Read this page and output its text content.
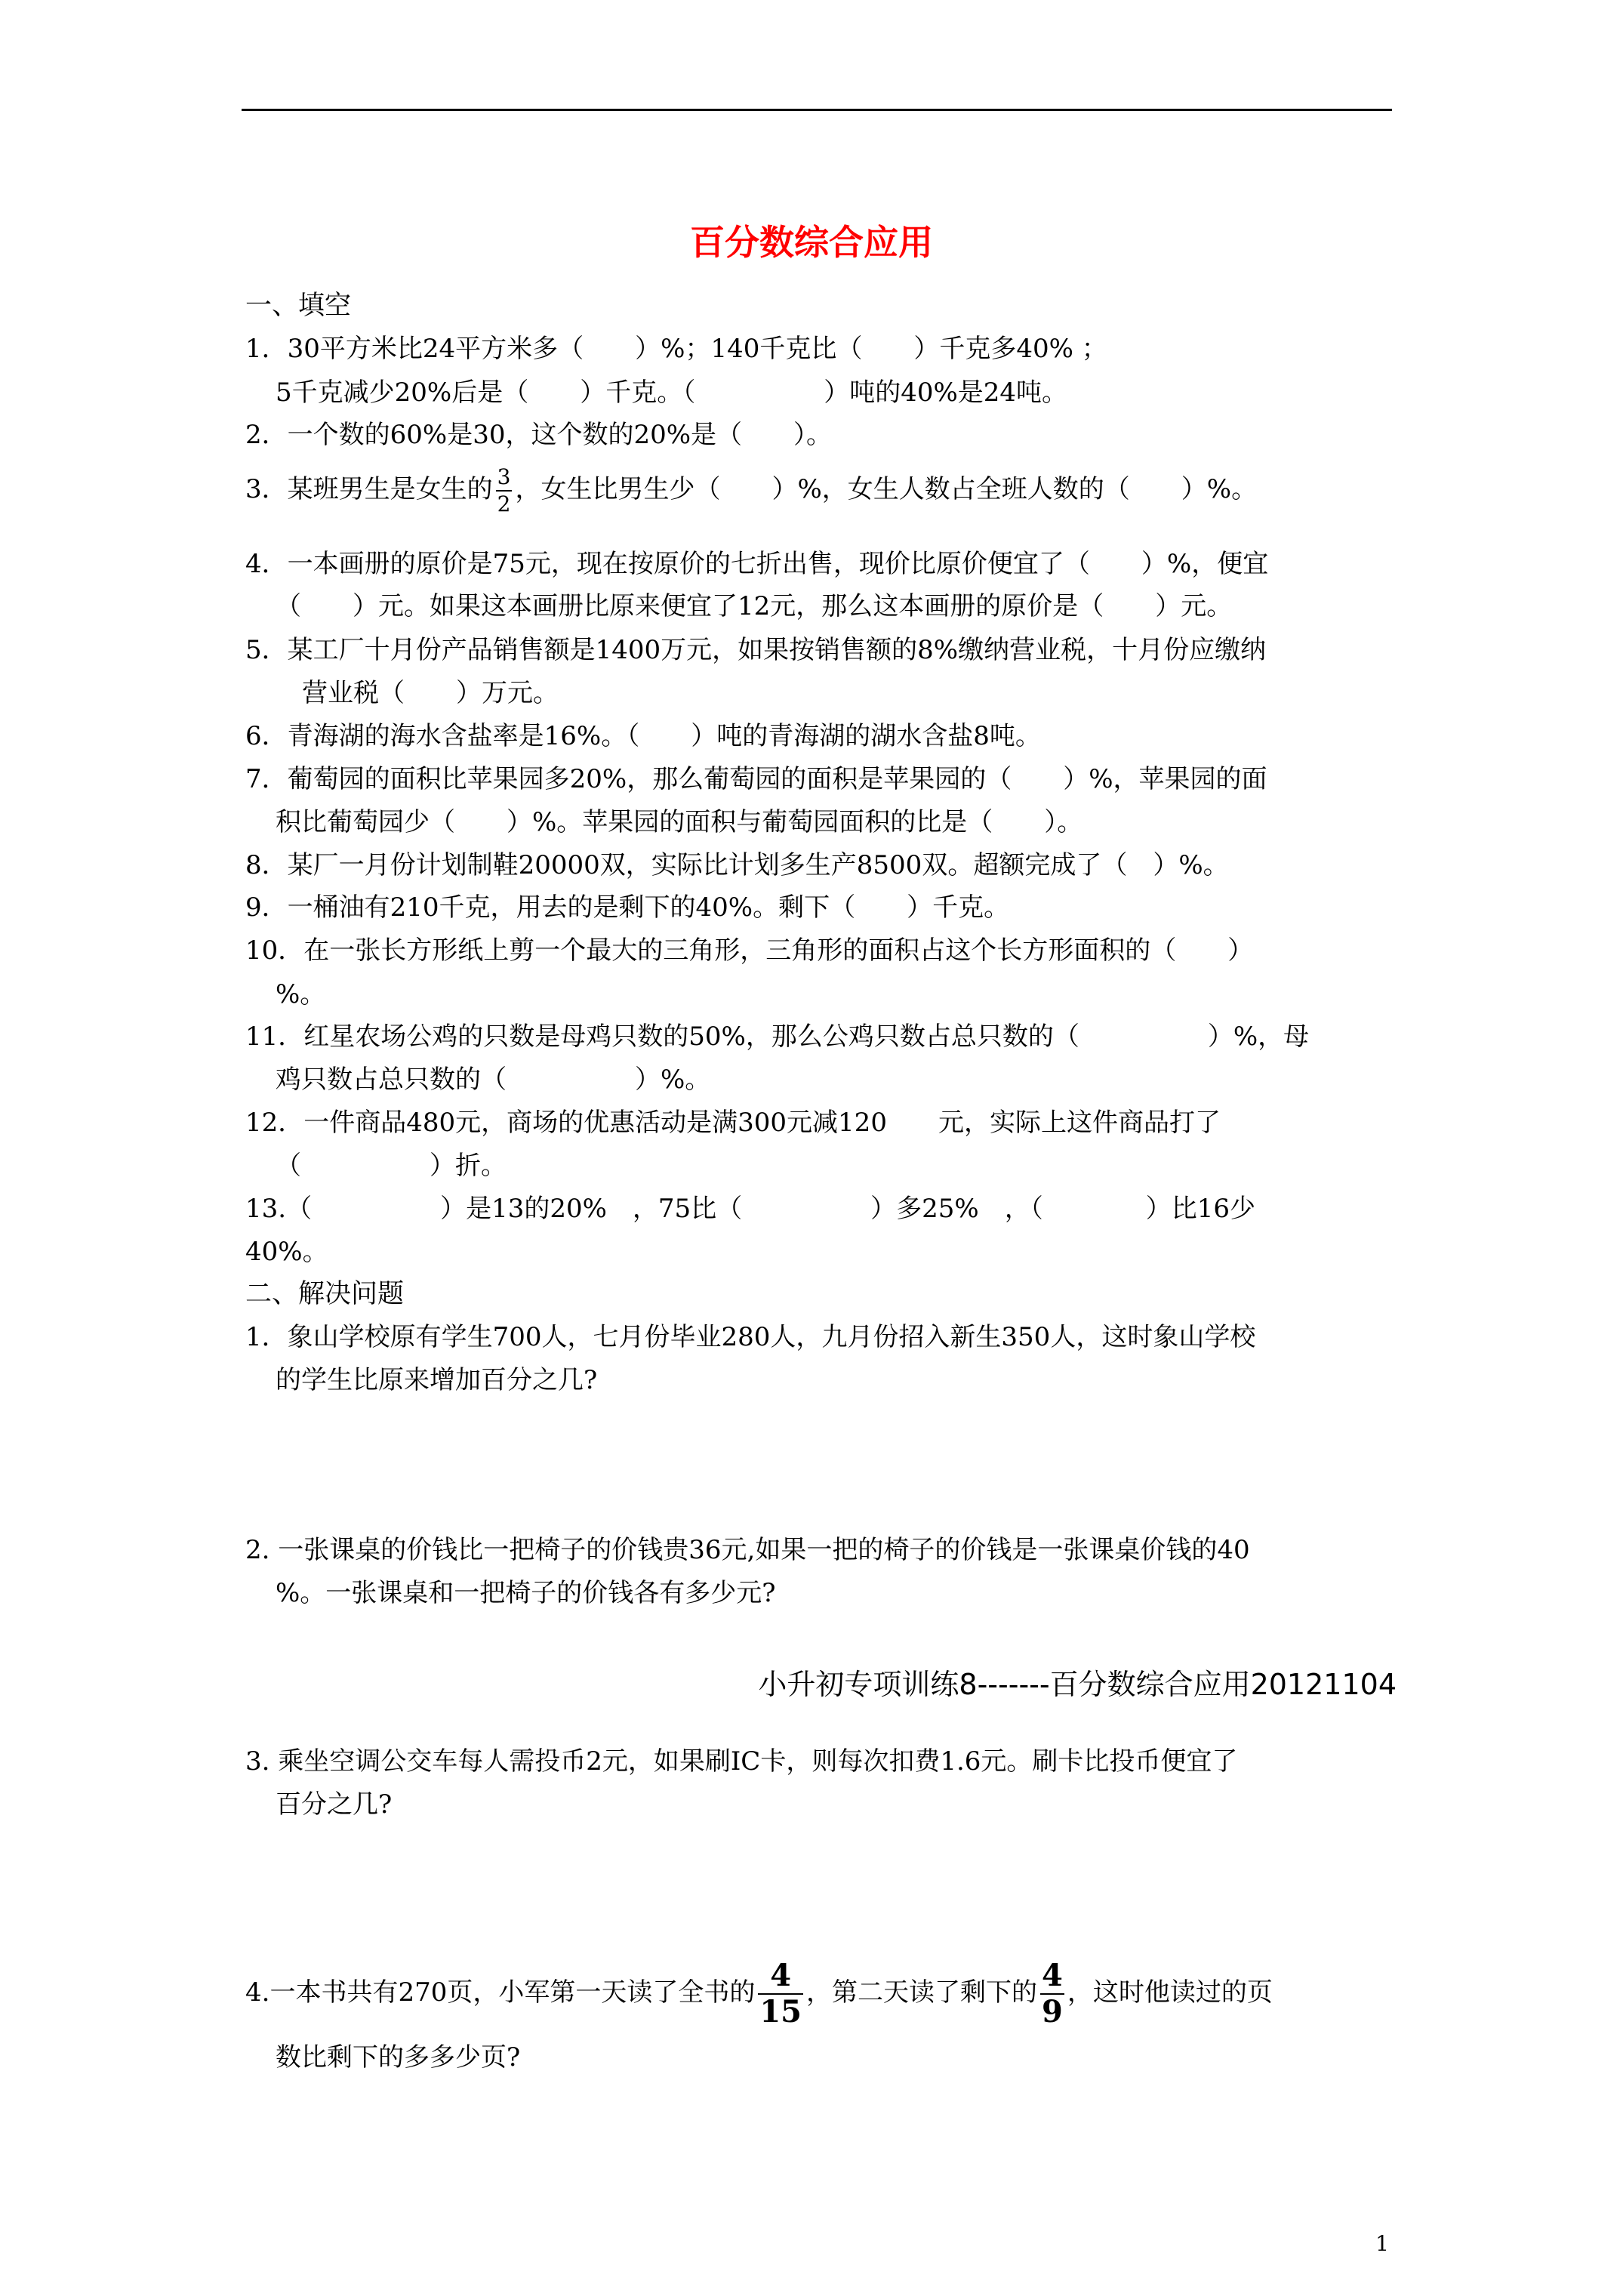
百分数综合应用
一、填空
1．30平方米比24平方米多（　　）%；140千克比（　　）千克多40% ；
5千克减少20%后是（　　）千克。（　　　　　）吨的40%是24吨。
2．一个数的60%是30，这个数的20%是（　　）。
3．某班男生是女生的 $\frac{3}{2}$ ，女生比男生少（　　）%，女生人数占全班人数的（　　）%。
4．一本画册的原价是75元，现在按原价的七折出售，现价比原价便宜了（　　）%，便宜
（　　）元。如果这本画册比原来便宜了12元，那么这本画册的原价是（　　）元。
5．某工厂十月份产品销售额是1400万元，如果按销售额的8%缴纳营业税，十月份应缴纳
营业税（　　）万元。
6．青海湖的海水含盐率是16%。（　　）吨的青海湖的湖水含盐8吨。
7．葡萄园的面积比苹果园多20%，那么葡萄园的面积是苹果园的（　　）%，苹果园的面
积比葡萄园少（　　）%。苹果园的面积与葡萄园面积的比是（　　）。
8．某厂一月份计划制鞋20000双，实际比计划多生产8500双。超额完成了（　）%。
9．一桶油有210千克，用去的是剩下的40%。剩下（　　）千克。
10．在一张长方形纸上剪一个最大的三角形，三角形的面积占这个长方形面积的（　　）
%。
11．红星农场公鸡的只数是母鸡只数的50%，那么公鸡只数占总只数的（　　　　　）%，母
鸡只数占总只数的（　　　　　）%。
12．一件商品480元，商场的优惠活动是满300元减120　　元，实际上这件商品打了
（　　　　　）折。
13.（　　　　　）是13的20%　，75比（　　　　　）多25%　，（　　　　）比16少
40%。
二、解决问题
1．象山学校原有学生700人，七月份毕业280人，九月份招入新生350人，这时象山学校
的学生比原来增加百分之几?
2. 一张课桌的价钱比一把椅子的价钱贵36元,如果一把的椅子的价钱是一张课桌价钱的40
%。一张课桌和一把椅子的价钱各有多少元?
小升初专项训练8-------百分数综合应用20121104
3. 乘坐空调公交车每人需投币2元，如果刷IC卡，则每次扣费1.6元。刷卡比投币便宜了
百分之几?
4.一本书共有270页，小军第一天读了全书的 $\frac{4}{15}$ ，第二天读了剩下的 $\frac{4}{9}$ ，这时他读过的页
数比剩下的多多少页?
1
